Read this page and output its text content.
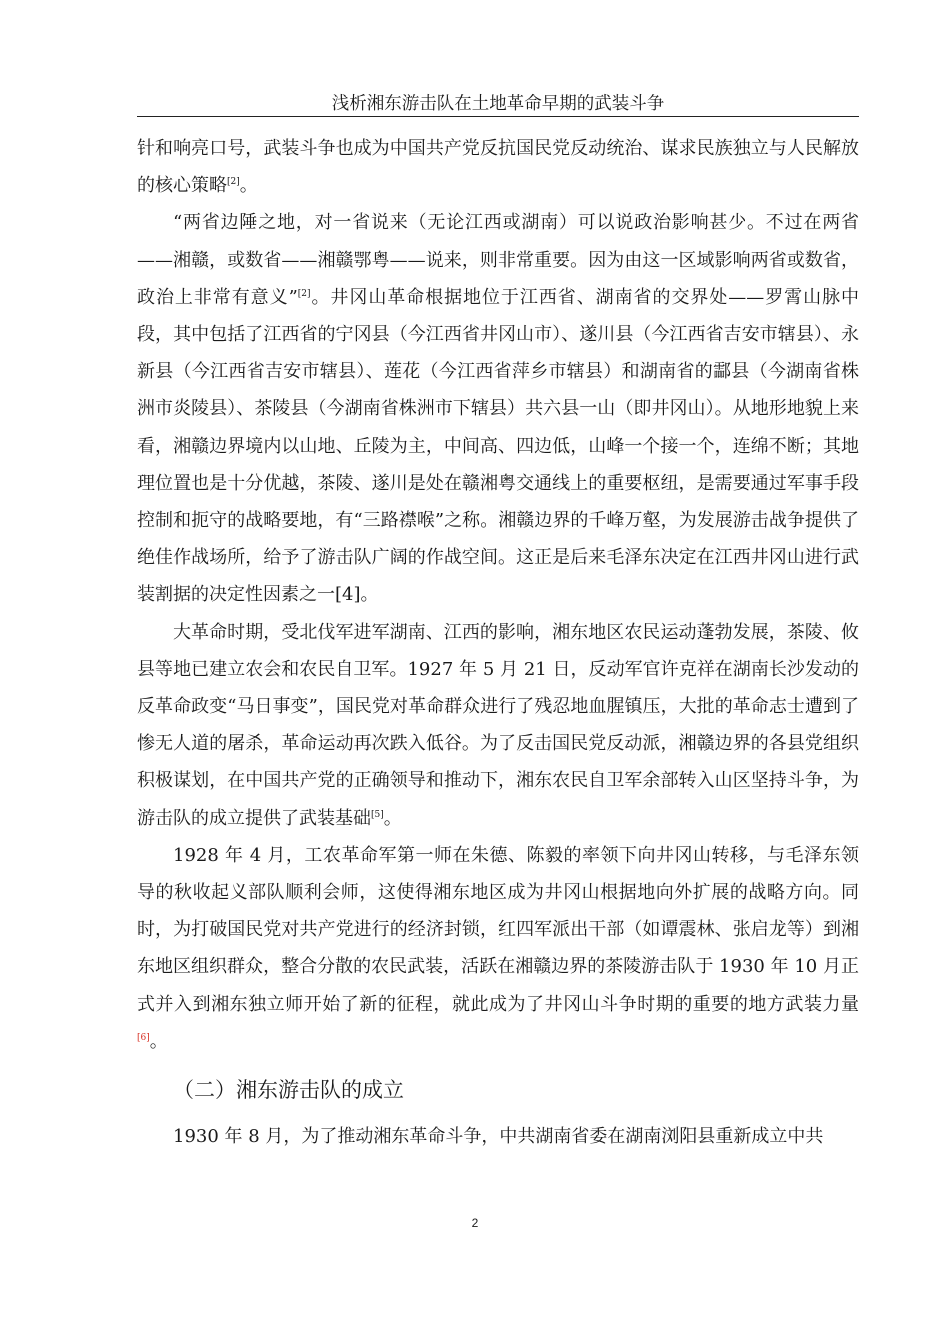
浅析湘东游击队在土地革命早期的武装斗争

针和响亮口号，武装斗争也成为中国共产党反抗国民党反动统治、谋求民族独立与人民解放的核心策略[2]。

“两省边陲之地，对一省说来（无论江西或湖南）可以说政治影响甚少。不过在两省——湘赣，或数省——湘赣鄂粤——说来，则非常重要。因为由这一区域影响两省或数省，政治上非常有意义”[2]。井冈山革命根据地位于江西省、湖南省的交界处——罗霄山脉中段，其中包括了江西省的宁冈县（今江西省井冈山市）、遂川县（今江西省吉安市辖县）、永新县（今江西省吉安市辖县）、莲花（今江西省萍乡市辖县）和湖南省的酃县（今湖南省株洲市炎陵县）、茶陵县（今湖南省株洲市下辖县）共六县一山（即井冈山）。从地形地貌上来看，湘赣边界境内以山地、丘陵为主，中间高、四边低，山峰一个接一个，连绵不断；其地理位置也是十分优越，茶陵、遂川是处在赣湘粤交通线上的重要枢纽，是需要通过军事手段控制和扼守的战略要地，有“三路襟喉”之称。湘赣边界的千峰万壑，为发展游击战争提供了绝佳作战场所，给予了游击队广阔的作战空间。这正是后来毛泽东决定在江西井冈山进行武装割据的决定性因素之一[4]。

大革命时期，受北伐军进军湖南、江西的影响，湘东地区农民运动蓬勃发展，茶陵、攸县等地已建立农会和农民自卫军。1927 年 5 月 21 日，反动军官许克祥在湖南长沙发动的反革命政变“马日事变”，国民党对革命群众进行了残忍地血腥镇压，大批的革命志士遭到了惨无人道的屠杀，革命运动再次跌入低谷。为了反击国民党反动派，湘赣边界的各县党组织积极谋划，在中国共产党的正确领导和推动下，湘东农民自卫军余部转入山区坚持斗争，为游击队的成立提供了武装基础[5]。

1928 年 4 月，工农革命军第一师在朱德、陈毅的率领下向井冈山转移，与毛泽东领导的秋收起义部队顺利会师，这使得湘东地区成为井冈山根据地向外扩展的战略方向。同时，为打破国民党对共产党进行的经济封锁，红四军派出干部（如谭震林、张启龙等）到湘东地区组织群众，整合分散的农民武装，活跃在湘赣边界的茶陵游击队于 1930 年 10 月正式并入到湘东独立师开始了新的征程，就此成为了井冈山斗争时期的重要的地方武装力量[6]。

（二）湘东游击队的成立

1930 年 8 月，为了推动湘东革命斗争，中共湖南省委在湖南浏阳县重新成立中共

2
